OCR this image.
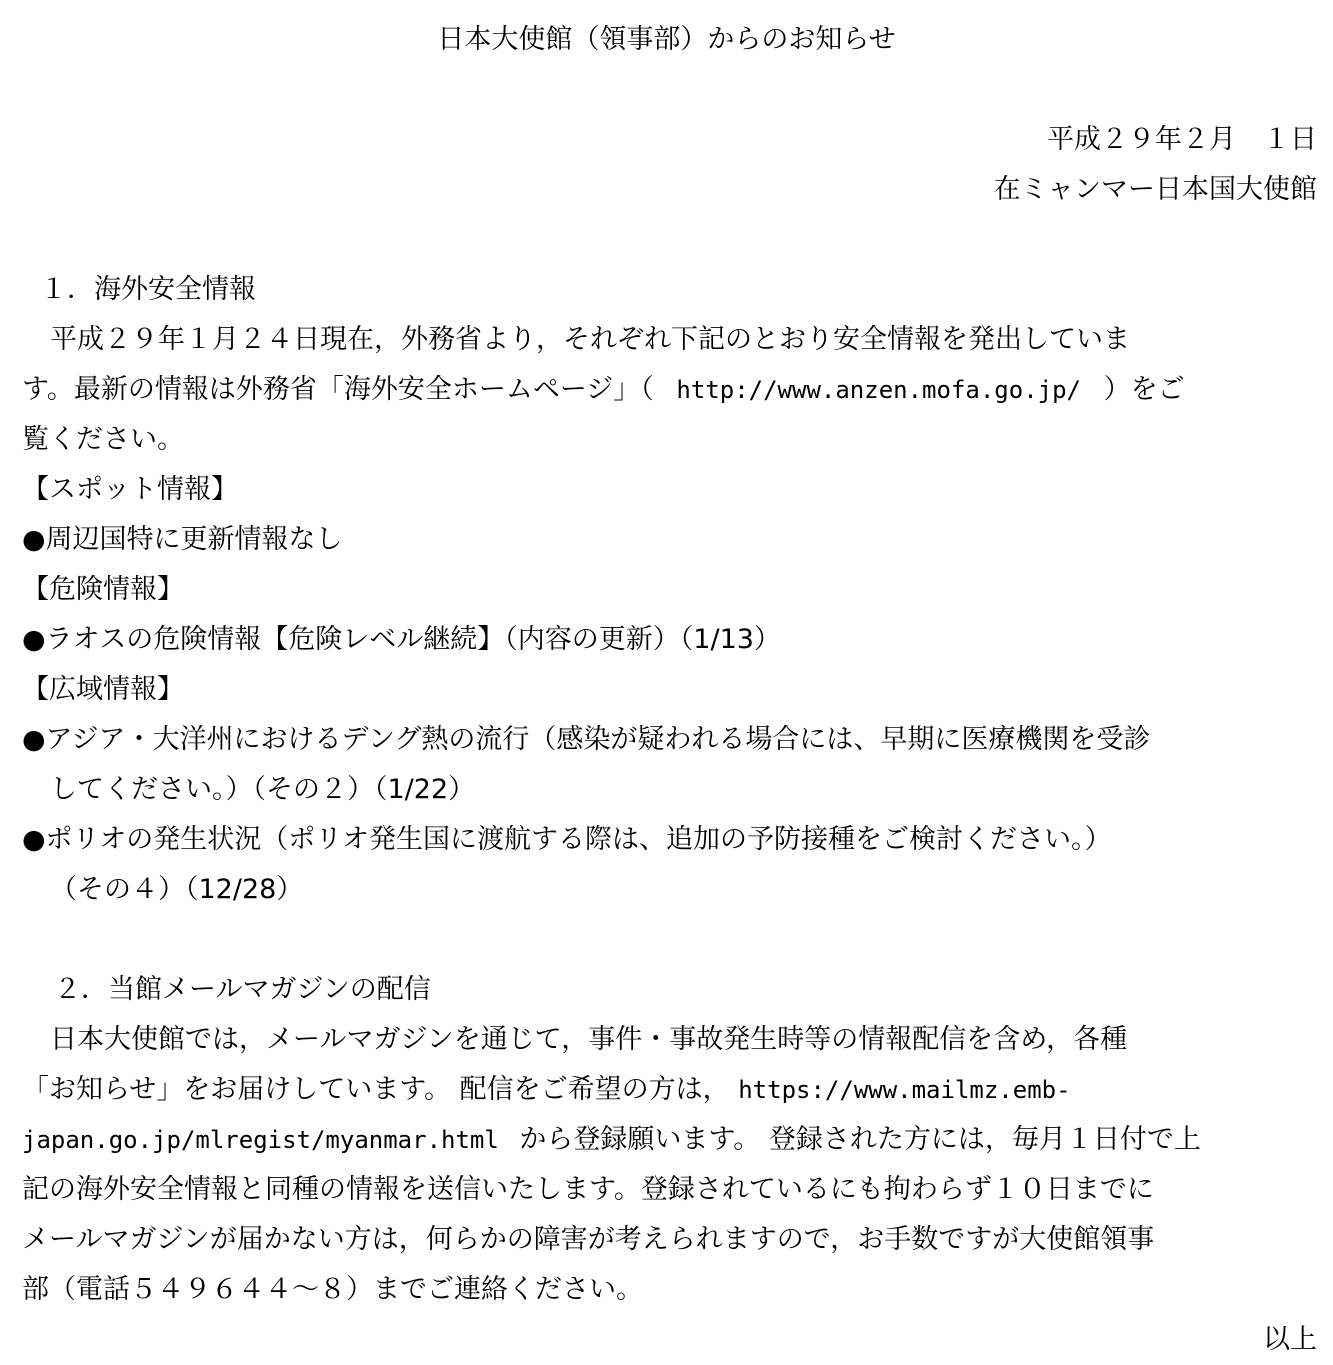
日本大使館（領事部）からのお知らせ
平成２９年２月　１日
在ミャンマー日本国大使館
１．海外安全情報
平成２９年１月２４日現在，外務省より，それぞれ下記のとおり安全情報を発出していま
す。最新の情報は外務省「海外安全ホームページ」（ http://www.anzen.mofa.go.jp/ ）をご
覧ください。
【スポット情報】
●周辺国特に更新情報なし
【危険情報】
●ラオスの危険情報【危険レベル継続】（内容の更新）（1/13）
【広域情報】
●アジア・大洋州におけるデング熱の流行（感染が疑われる場合には、早期に医療機関を受診
してください。）（その２）（1/22）
●ポリオの発生状況（ポリオ発生国に渡航する際は、追加の予防接種をご検討ください。）
（その４）（12/28）
２．当館メールマガジンの配信
日本大使館では，メールマガジンを通じて，事件・事故発生時等の情報配信を含め，各種
「お知らせ」をお届けしています。 配信をご希望の方は， https://www.mailmz.emb-
japan.go.jp/mlregist/myanmar.html から登録願います。 登録された方には，毎月１日付で上
記の海外安全情報と同種の情報を送信いたします。登録されているにも拘わらず１０日までに
メールマガジンが届かない方は，何らかの障害が考えられますので，お手数ですが大使館領事
部（電話５４９６４４～８）までご連絡ください。
以上
